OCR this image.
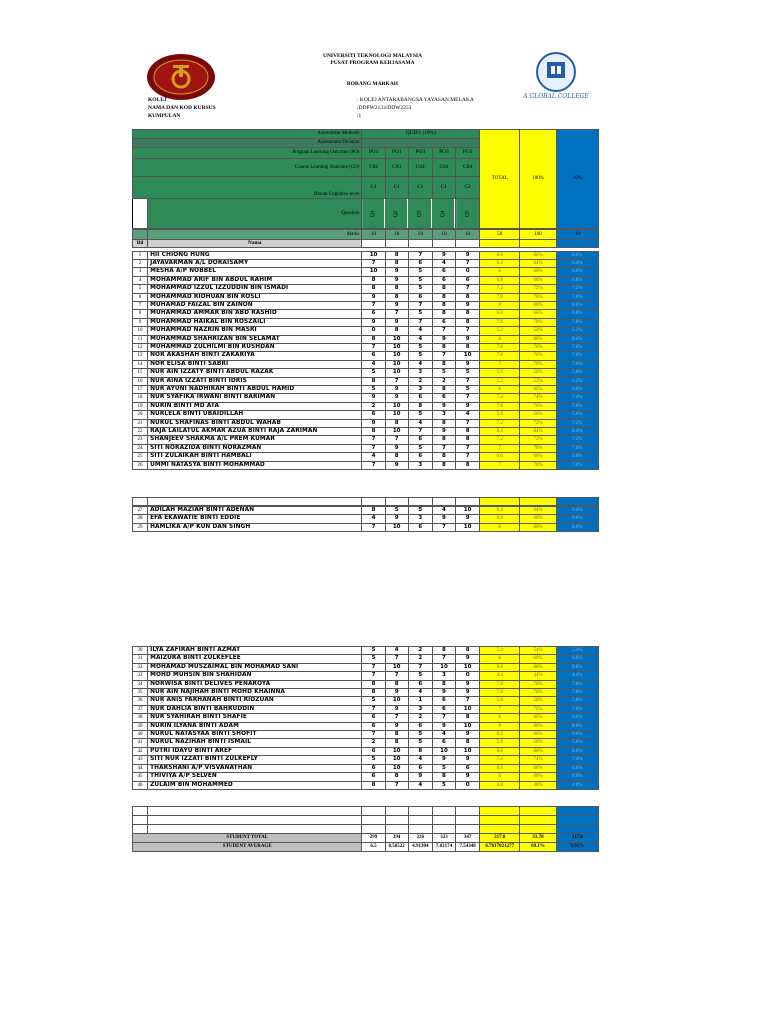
A GLOBAL COLLEGE
UNIVERSITI TEKNOLOGI MALAYSIA
PUSAT PROGRAM KERJASAMA
BORANG MARKAH
KOLEJ	: KOLEJ ANTARABANGSA YAYASAN MELAKA
NAMA DAN KOD KURSUS	:DDPW2133/DDW2253
KUMPULAN	:1
Assessment Methods		QUIZ1 (10%)					TOTAL	100%	10%
Assessment Division									
Program Learning Outcome (PO)		PO1	PO1	PO3	PO3	PO3			
Course Learning Outcome (CO)		C02	C03	C04	C04	C04			
Bloom Cognitive level		C1	C1	C1	C1	C2			
	Question	Q1	Q2	Q3	Q4	Q5			
	Marks	10	10	10	10	10	50	100	10
Bil	Nama								
1	HII CHIONG HUNG	10	8	7	9	9	8.6	86%	8.6%
2	JAYAVARMAN A/L DORAISAMY	7	8	6	4	7	6.4	64%	6.4%
3	MESHA A/P NOBBEL	10	9	5	6	0	6	60%	6.0%
4	MOHAMMAD ARIF BIN ABDUL RAHIM	8	9	5	6	6	6.8	68%	6.8%
5	MOHAMMAD IZZUL IZZUDDIN BIN ISMADI	8	8	5	8	7	7.2	72%	7.2%
6	MOHAMMAD RIDHUAN BIN ROSLI	9	8	6	8	8	7.8	78%	7.8%
7	MUHAMAD FAIZAL BIN ZAINON	7	9	7	8	9	8	80%	8.0%
8	MUHAMMAD AMMAR BIN ABD RASHID	6	7	5	8	8	6.8	68%	6.8%
9	MUHAMMAD HAIKAL BIN ROSZAILI	9	9	7	6	8	7.8	78%	7.8%
10	MUHAMMAD NAZRIN BIN MASRI	0	8	4	7	7	5.2	52%	5.2%
11	MUHAMMAD SHAHRIZAN BIN SELAMAT	8	10	4	9	9	8	80%	8.0%
12	MUHAMMAD ZULHILMI BIN RUSHDAN	7	10	5	8	8	7.6	76%	7.6%
13	NOR AKASHAH BINTI ZAKARIYA	6	10	5	7	10	7.6	76%	7.6%
14	NOR ELISA BINTI SABRI	4	10	4	8	9	7	70%	7.0%
15	NUR AIN IZZATY BINTI ABDUL RAZAK	5	10	3	5	5	5.6	56%	5.6%
16	NUR AINA IZZATI BINTI IDRIS	8	7	2	2	7	5.2	52%	5.2%
17	NUR AYUNI NADHIRAH BINTI ABDUL HAMID	5	9	3	8	5	6	60%	6.0%
18	NUR SYAFIKA IRWANI BINTI BARIMAN	9	9	6	6	7	7.4	74%	7.4%
19	NURIN BINTI MD ATA	2	10	8	9	9	7.6	76%	7.6%
20	NURLELA BINTI UBAIDILLAH	6	10	5	3	4	5.6	56%	5.6%
21	NURUL SHAFINAS BINTI ABDUL WAHAB	9	8	4	8	7	7.2	72%	7.2%
22	RAJA LAILATUL AKMAR AZUA BINTI RAJA ZARIMAN	8	10	7	9	8	8.4	84%	8.4%
23	SHANJEEV SHAKMA A/L PREM KUMAR	7	7	6	8	8	7.2	72%	7.2%
24	SITI NORAZIDA BINTI NORAZMAN	7	9	5	7	7	7	70%	7.0%
25	SITI ZULAIKAH BINTI HAMBALI	4	8	6	8	7	6.6	66%	6.6%
26	UMMI NATASYA BINTI MOHAMMAD	7	9	3	8	8	7	70%	7.0%

27	ADILAH MAZIAH BINTI ADENAN	8	5	5	4	10	6.4	64%	6.4%
28	EFA EKAWATIE BINTI EDDIE	4	9	3	9	9	6.8	68%	6.8%
29	HAMLIKA A/P KUN DAN SINGH	7	10	6	7	10	8	80%	8.0%
30	ILYA ZAFIRAH BINTI AZMAT	5	4	2	8	8	5.4	54%	5.4%
31	MAIZURA BINTI ZULKEFLEE	5	7	2	7	9	6	60%	6.0%
32	MOHAMAD MUSZAIMAL BIN MOHAMAD SANI	7	10	7	10	10	8.8	88%	8.8%
33	MOHD MUHSIN BIN SHAHIDAN	7	7	5	3	0	4.4	44%	4.4%
34	NORWISA BINTI DELIVES PENAROYA	8	8	6	8	9	7.8	78%	7.8%
35	NUR AIN NAJIHAH BINTI MOHD KHAINNA	8	9	4	9	9	7.8	78%	7.8%
36	NUR ANIS FARHANAH BINTI RIDZUAN	5	10	1	6	7	5.8	58%	5.8%
37	NUR DAHLIA BINTI BAHRUDDIN	7	9	3	6	10	7	70%	7.0%
38	NUR SYAHIRAH BINTI SHAFIE	6	7	2	7	8	6	60%	6.0%
39	NURIN ILYANA BINTI ADAM	6	9	6	9	10	8	80%	8.0%
40	NURUL NATASYAA BINTI SHOFIT	7	8	5	4	9	6.6	66%	6.6%
41	NURUL NAZIHAH BINTI ISMAIL	2	8	5	6	8	5.8	58%	5.8%
42	PUTRI IDAYU BINTI AREF	6	10	8	10	10	8.8	88%	8.8%
43	SITI NUR IZZATI BINTI ZULKEFLY	5	10	4	9	9	7.4	74%	7.4%
44	THARSHANI A/P VISVANATHAN	6	10	6	5	6	6.6	66%	6.6%
45	THIVIYA A/P SELVEN	6	8	9	8	9	8	80%	8.0%
46	ZULAIM BIN MOHAMMED	8	7	4	5	0	4.8	48%	4.8%

STUDENT TOTAL		299	394	226	323	347	317.8	31.78	317.8
STUDENT AVERAGE		6.5	8.56522	4.91304	7.02174	7.54348	6.7617021277	69.1%	6.91%
